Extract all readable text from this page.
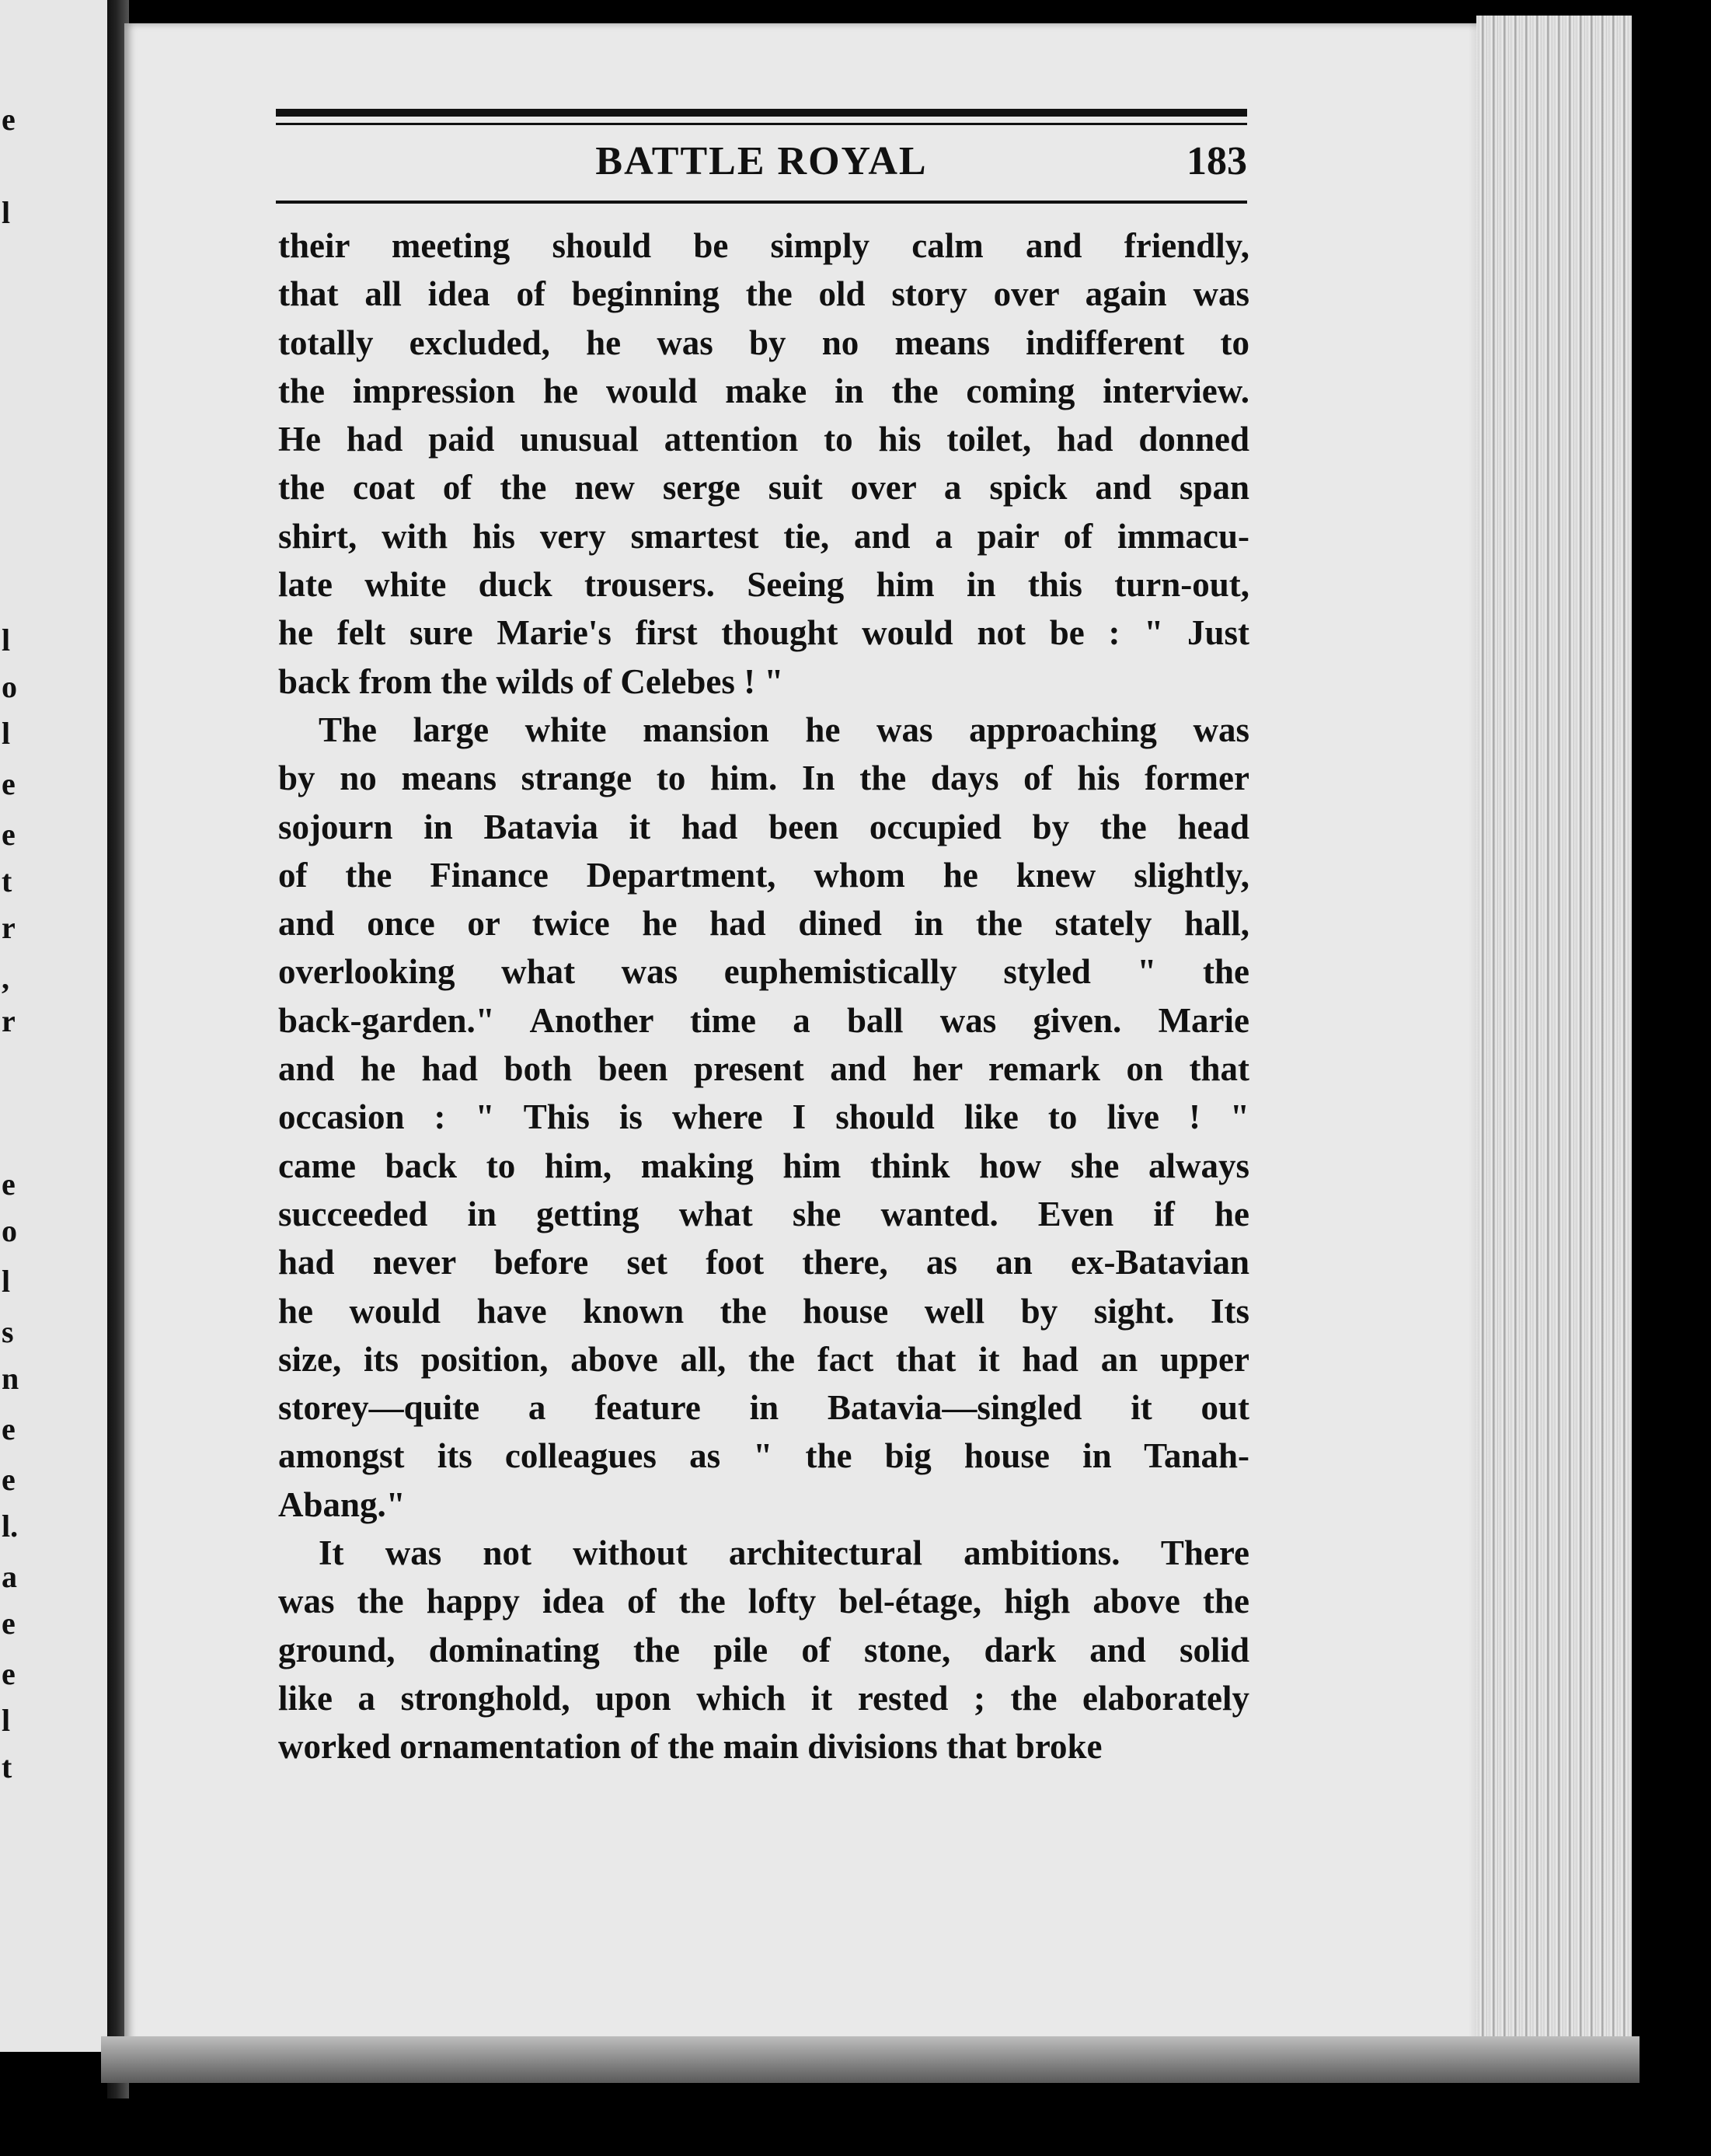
e
l
l
o
l
e
e
t
r
,
r
e
o
l
s
n
e
e
l.
a
e
e
l
t
BATTLE ROYAL	183

their meeting should be simply calm and friendly,
that all idea of beginning the old story over again was
totally excluded, he was by no means indifferent to
the impression he would make in the coming interview.
He had paid unusual attention to his toilet, had donned
the coat of the new serge suit over a spick and span
shirt, with his very smartest tie, and a pair of immacu-
late white duck trousers. Seeing him in this turn-out,
he felt sure Marie's first thought would not be : " Just
back from the wilds of Celebes ! "

The large white mansion he was approaching was
by no means strange to him. In the days of his former
sojourn in Batavia it had been occupied by the head
of the Finance Department, whom he knew slightly,
and once or twice he had dined in the stately hall,
overlooking what was euphemistically styled " the
back-garden." Another time a ball was given. Marie
and he had both been present and her remark on that
occasion : " This is where I should like to live ! "
came back to him, making him think how she always
succeeded in getting what she wanted. Even if he
had never before set foot there, as an ex-Batavian
he would have known the house well by sight. Its
size, its position, above all, the fact that it had an upper
storey—quite a feature in Batavia—singled it out
amongst its colleagues as " the big house in Tanah-
Abang."

It was not without architectural ambitions. There
was the happy idea of the lofty bel-étage, high above the
ground, dominating the pile of stone, dark and solid
like a stronghold, upon which it rested ; the elaborately
worked ornamentation of the main divisions that broke
